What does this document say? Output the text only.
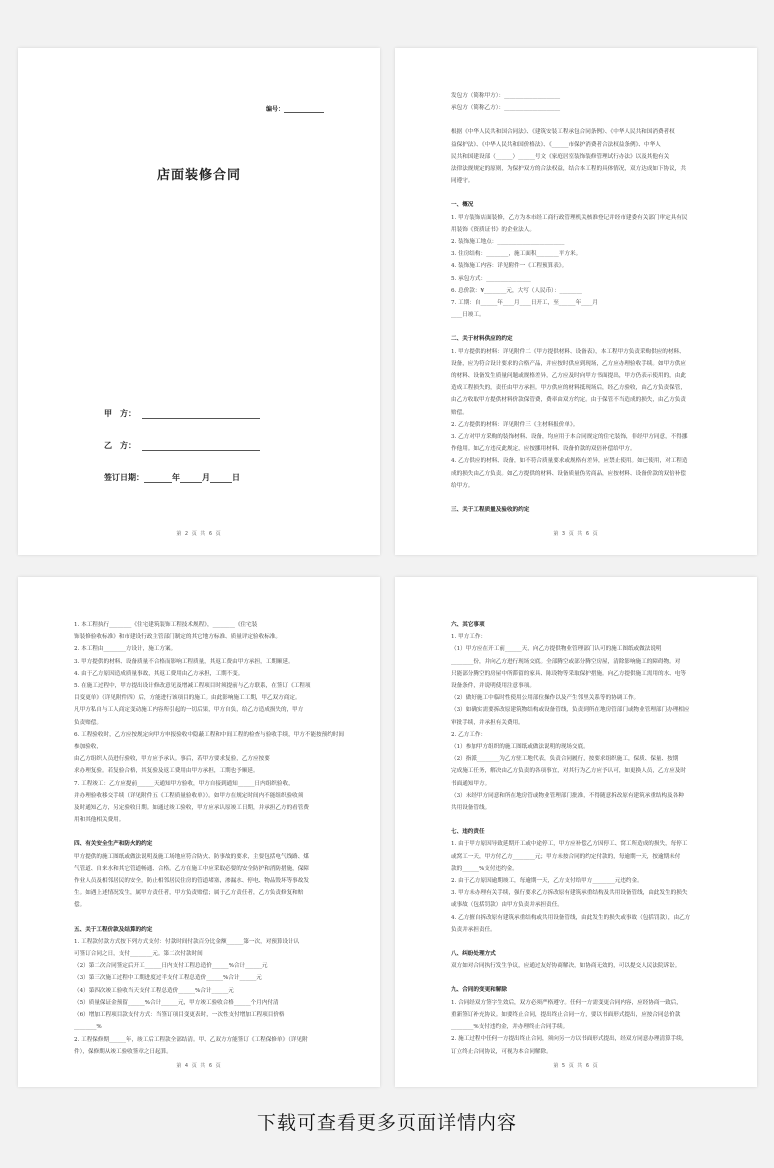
编号：
店面装修合同
甲　方：
乙　方：
签订日期：	年	月	日
第 2 页 共 6 页

发包方（简称甲方）：____________________

承包方（简称乙方）：____________________

根据《中华人民共和国合同法》、《建筑安装工程承包合同条例》、《中华人民共和国消费者权

益保护法》、《中华人民共和国价格法》、《______市保护消费者合法权益条例》、中华人

民共和国建设部（______）______号文《家庭居室装饰装修管理试行办法》以及其他有关

法律法规规定的原则，为保护双方的合法权益，结合本工程的具体情况，双方达成如下协议，共

同遵守。

一、概况

1. 甲方装饰店面装修，乙方为本市经工商行政管理机关核准登记并经市建委有关部门审定具有民

用装饰《资质证书》的企业法人。

2. 装饰施工地点：________________________

3. 住房结构：________，施工面积________平方米。

4. 装饰施工内容：详见附件一《工程预算表》。

5. 承包方式：________________

6. 总价款：¥________元，大写（人民币）：________

7. 工期：自______年____月____日开工，至______年____月

____日竣工。

二、关于材料供应的约定

1. 甲方提供的材料：详见附件二《甲方提供材料、设备表》，本工程甲方负责采购供应的材料、

设备，应为符合设计要求的合格产品，并应按时供应到现场，乙方应办理验收手续。如甲方供应

的材料、设备发生质量问题或规格差异，乙方应及时向甲方书面提出，甲方仍表示使用的，由此

造成工程损失的，责任由甲方承担。甲方供应的材料抵现场后，经乙方验收，由乙方负责保管，

由乙方收取甲方提供材料价款保管费，费率由双方约定。由于保管不当造成的损失，由乙方负责

赔偿。

2. 乙方提供的材料：详见附件三《主材料报价单》。

3. 乙方对甲方采购的装饰材料、设备，均应用于本合同规定的住宅装饰，非经甲方同意，不得挪

作他用。如乙方违反此规定，应按挪用材料、设备价款的双倍补偿给甲方。

4. 乙方供应的材料、设备，如不符合质量要求或规格有差异，应禁止使用。如已使用，对工程造

成的损失由乙方负责。如乙方提供的材料、设备质量伪劣商品，应按材料、设备价款的双倍补偿

给甲方。

三、关于工程质量及验收的约定

第 3 页 共 6 页

1. 本工程执行________《住宅建筑装饰工程技术规程》，________《住宅装

饰装修验收标准》和市建设行政主管部门制定的其它地方标准、质量评定验收标准。

2. 本工程由________方设计，施工方案。

3. 甲方提供的材料、设备质量不合格而影响工程质量，其返工费由甲方承担，工期顺延。

4. 由于乙方原因造成质量事故，其返工费用由乙方承担，工期不变。

5. 在施工过程中，甲方提出设计修改意见及增减工程项目时须提前与乙方联系，在签订《工程项

目变更单》（详见附件四）后，方能进行该项目的施工。由此影响施工工期，甲乙双方商定。

凡甲方私自与工人商定变动施工内容所引起的一切后果，甲方自负，给乙方造成损失的，甲方

负责赔偿。

6. 工程验收时，乙方应按规定向甲方申报验收中隐蔽工程和中间工程的检查与验收手续，甲方不能按预约时间参加验收，

由乙方组织人员进行验收，甲方应予承认。事后，若甲方要求复验，乙方应按要

求办理复验。若复验合格，其复验及返工费用由甲方承担，工期也予顺延。

7. 工程竣工：乙方应提前______天通知甲方验收，甲方自接到通知______日内组织验收，

并办理验收移交手续（详见附件五《工程质量验收单》）。如甲方在规定时间内不能组织验收须

及时通知乙方，另定验收日期。如通过竣工验收，甲方应承认原竣工日期，并承担乙方的看管费

用和其他相关费用。

四、有关安全生产和防火的约定

甲方提供的施工图纸或做法说明及施工场地应符合防火、防事故的要求，主要包括电气线路、煤

气管道、自来水和其它管道畅通、合格。乙方在施工中应采取必要的安全防护和消防措施，保障

作业人员及相邻居民的安全，防止相邻居民住房的管道堵塞，渗漏水、停电、物品毁坏等事故发

生。如遇上述情况发生，属甲方责任者，甲方负责赔偿；属于乙方责任者，乙方负责修复和赔

偿。

五、关于工程价款及结算的约定

1. 工程款付款方式按下列方式支付：付款时间付款百分比金额______第一次，对预算设计认

可签订合同之日，支付________元。第二次付款时间

（2）第二次合同签定后开工______日内支付工程总造价______%合计______元

（3）第三次施工过程中工期进度过半支付工程总造价______%合计______元

（4）第四次竣工验收当天支付工程总造价______%合计______元

（5）质量保证金预留______%合计______元，甲方竣工验收合格______个月内付清

（6）增加工程项目款支付方式：当签订项目变更表时，一次性支付增加工程项目价格

________%

2. 工程保修期______年，竣工后工程款全部结清。甲、乙双方方能签订《工程保修单》（详见附

件），保修期从竣工验收签章之日起算。

第 4 页 共 6 页

六、其它事项

1. 甲方工作：

（1）甲方应在开工前______天，向乙方提供物业管理部门认可的施工图纸或做法说明

________份，并向乙方进行现场交底。全部腾空或部分腾空房屋，清除影响施工的障碍物。对

只能部分腾空的房屋中所滞留的家具、陈设物等采取保护措施。向乙方提供施工需用的水、电等

设备条件，并说明使用注意事项。

（2）做好施工中临时性使用公用部位操作以及产生邻里关系等的协调工作。

（3）如确实需要拆改原建筑物结构或设备管线，负责到所在地房管部门或物业管理部门办理相应

审批手续，并承担有关费用。

2. 乙方工作：

（1）参加甲方组织的施工图纸或做法说明的现场交底。

（2）指派________为乙方驻工地代表，负责合同履行，按要求组织施工，保质、保量、按期

完成施工任务，解决由乙方负责的各项事宜，对其行为乙方应予认可，如更换人员，乙方应及时

书面通知甲方。

（3）未经甲方同意和所在地房管或物业管理部门批准，不得随意拆改原有建筑承重结构及各种

共用设备管线。

七、违约责任

1. 由于甲方原因导致延期开工或中途停工，甲方应补偿乙方因停工、窝工所造成的损失，每停工

或窝工一天，甲方付乙方________元；甲方未按合同的约定付款的，每逾期一天，按逾期未付

款的______%支付违约金。

2. 由于乙方原因逾期竣工，每逾期一天，乙方支付给甲方________元违约金。

3. 甲方未办理有关手续，强行要求乙方拆改原有建筑承重结构及共用设备管线，由此发生的损失

或事故（包括罚款）由甲方负责并承担责任。

4. 乙方擅自拆改原有建筑承重结构或共用设备管线，由此发生的损失或事故（包括罚款），由乙方

负责并承担责任。

八、纠纷处理方式

双方如对合同执行发生争议，应通过友好协商解决，如协商无效的，可以提交人民法院诉讼。

九、合同的变更和解除

1. 合同经双方签字生效后，双方必须严格遵守。任何一方需变更合同内容，应经协商一致后，

重新签订补充协议。如要终止合同，提出终止合同一方，要以书面形式提出，应按合同总价款

________%支付违约金，并办理终止合同手续。

2. 施工过程中任何一方提出终止合同，须向另一方以书面形式提出，经双方同意办理清算手续，

订立终止合同协议，可视为本合同解除。

第 5 页 共 6 页
下载可查看更多页面详情内容
